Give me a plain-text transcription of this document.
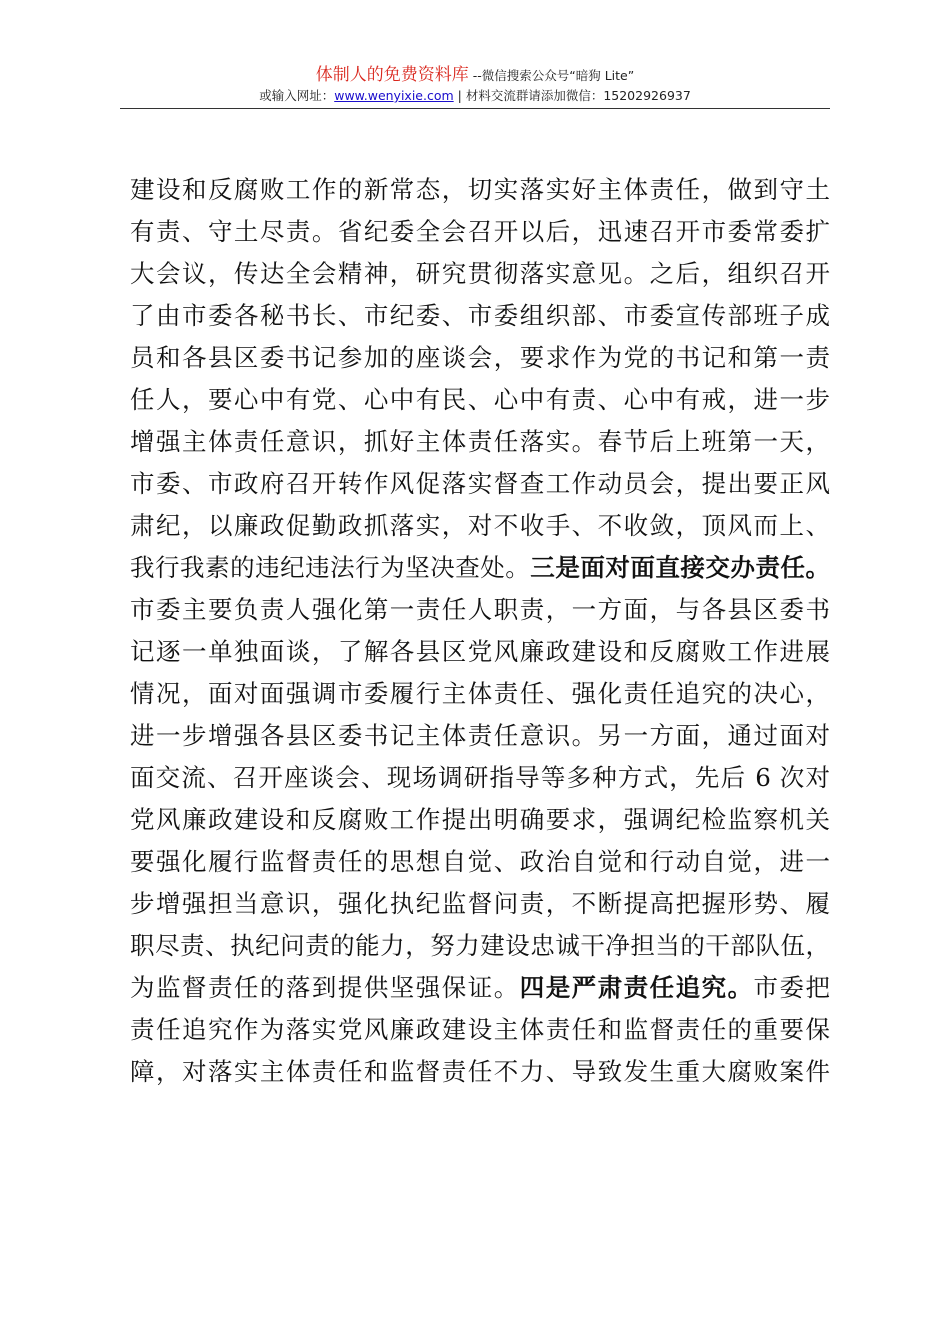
体制人的免费资料库 --微信搜索公众号“暗狗 Lite”
或输入网址：www.wenyixie.com | 材料交流群请添加微信：15202926937
建设和反腐败工作的新常态，切实落实好主体责任，做到守土
有责、守土尽责。省纪委全会召开以后，迅速召开市委常委扩
大会议，传达全会精神，研究贯彻落实意见。之后，组织召开
了由市委各秘书长、市纪委、市委组织部、市委宣传部班子成
员和各县区委书记参加的座谈会，要求作为党的书记和第一责
任人，要心中有党、心中有民、心中有责、心中有戒，进一步
增强主体责任意识，抓好主体责任落实。春节后上班第一天，
市委、市政府召开转作风促落实督查工作动员会，提出要正风
肃纪，以廉政促勤政抓落实，对不收手、不收敛，顶风而上、
我行我素的违纪违法行为坚决查处。三是面对面直接交办责任。
市委主要负责人强化第一责任人职责，一方面，与各县区委书
记逐一单独面谈，了解各县区党风廉政建设和反腐败工作进展
情况，面对面强调市委履行主体责任、强化责任追究的决心，
进一步增强各县区委书记主体责任意识。另一方面，通过面对
面交流、召开座谈会、现场调研指导等多种方式，先后 6 次对
党风廉政建设和反腐败工作提出明确要求，强调纪检监察机关
要强化履行监督责任的思想自觉、政治自觉和行动自觉，进一
步增强担当意识，强化执纪监督问责，不断提高把握形势、履
职尽责、执纪问责的能力，努力建设忠诚干净担当的干部队伍，
为监督责任的落到提供坚强保证。四是严肃责任追究。市委把
责任追究作为落实党风廉政建设主体责任和监督责任的重要保
障，对落实主体责任和监督责任不力、导致发生重大腐败案件
